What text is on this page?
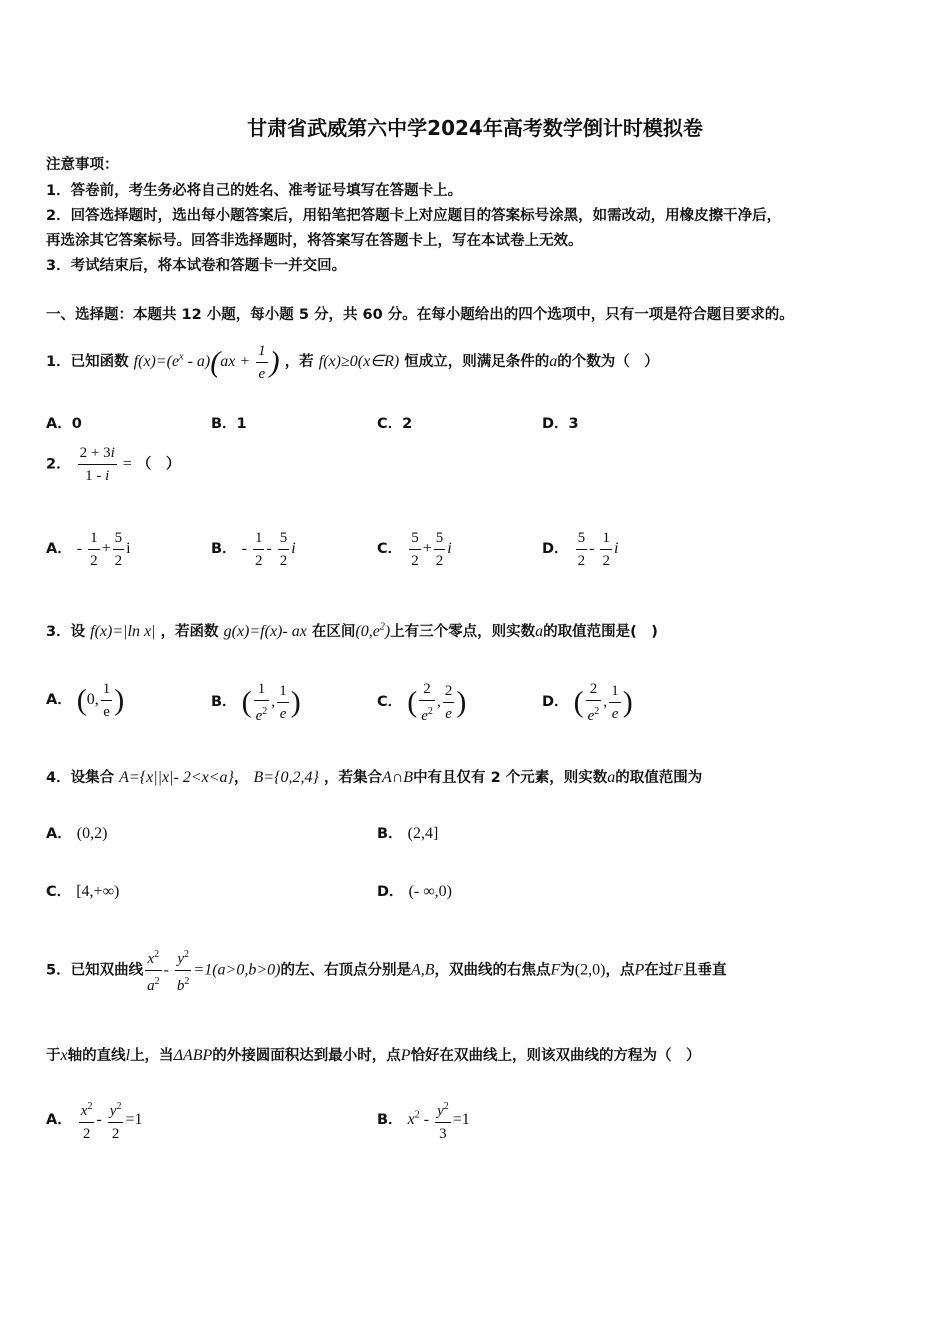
甘肃省武威第六中学2024年高考数学倒计时模拟卷
注意事项：
1．答卷前，考生务必将自己的姓名、准考证号填写在答题卡上。
2．回答选择题时，选出每小题答案后，用铅笔把答题卡上对应题目的答案标号涂黑，如需改动，用橡皮擦干净后，
再选涂其它答案标号。回答非选择题时，将答案写在答题卡上，写在本试卷上无效。
3．考试结束后，将本试卷和答题卡一并交回。
一、选择题：本题共 12 小题，每小题 5 分，共 60 分。在每小题给出的四个选项中，只有一项是符合题目要求的。
1．已知函数 $f(x)=(e^x - a)(ax + \frac{1}{e}$ ) ，若 f(x)≥0(x∈R) 恒成立，则满足条件的a的个数为（　）
A．0	B．1	C．2	D．3
2． $\frac{2 + 3i}{1 - i}$ = （　）
A． - $\frac{1}{2} + \frac{5}{2}$ i	B． - $\frac{1}{2} - \frac{5}{2}$ i	C． $\frac{5}{2} + \frac{5}{2}$ i	D． $\frac{5}{2} - \frac{1}{2}$ i
3．设 f(x)=|ln x| ，若函数 g(x)=f(x)- ax 在区间$(0,e^2)$上有三个零点，则实数a的取值范围是(　)
A． (0, $\frac{1}{e}$ )	B． ( $\frac{1}{e^2}$ , $\frac{1}{e}$ )	C． ( $\frac{2}{e^2}$ , $\frac{2}{e}$ )	D． ( $\frac{2}{e^2}$ , $\frac{1}{e}$ )
4．设集合 A={x||x|- 2<x<a}， B={0,2,4} ，若集合A∩B中有且仅有 2 个元素，则实数a的取值范围为
A． (0,2)	B． (2,4]
C． [4,+∞)	D． (- ∞,0)
5．已知双曲线 $\frac{x^2}{a^2} - \frac{y^2}{b^2} =1(a>0,b>0)$的左、右顶点分别是A,B，双曲线的右焦点F为(2,0)，点P在过F且垂直
于x轴的直线l上，当ΔABP的外接圆面积达到最小时，点P恰好在双曲线上，则该双曲线的方程为（　）
A． $\frac{x^2}{2} - \frac{y^2}{2} =1$	B． $x^2 - \frac{y^2}{3} =1$
